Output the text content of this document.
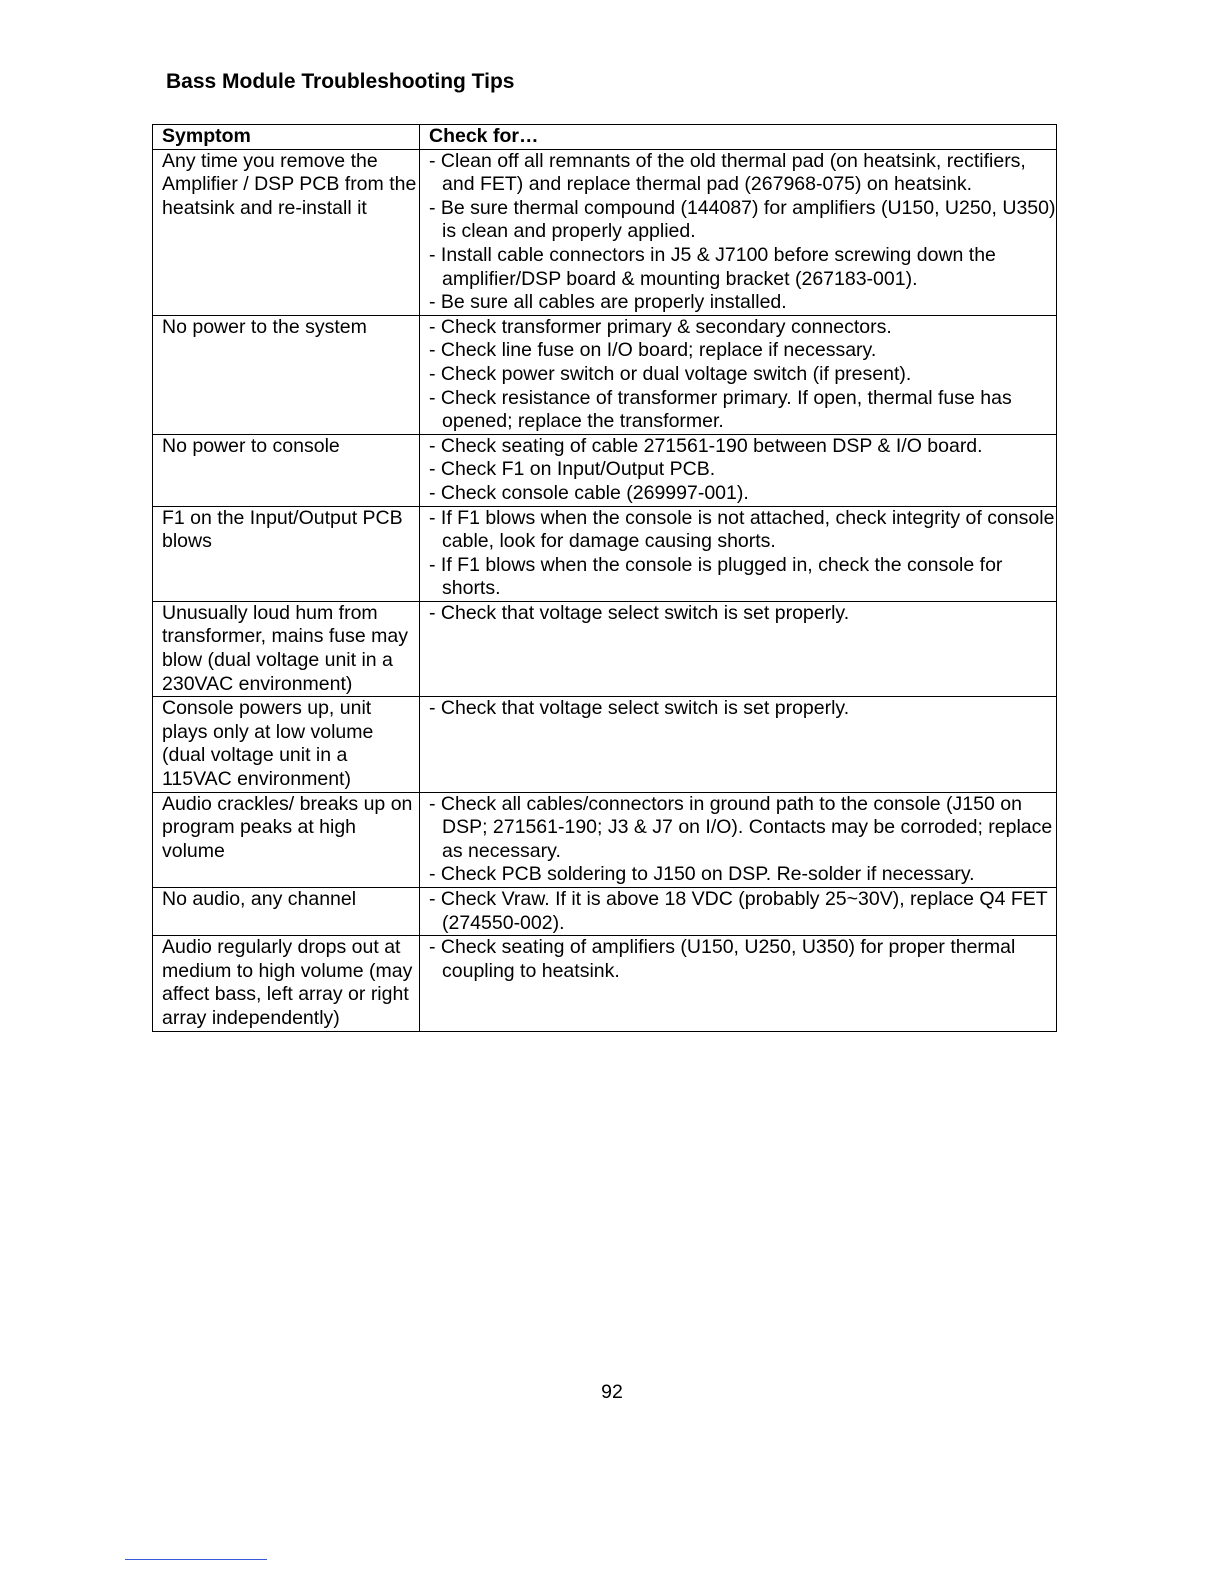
Bass Module Troubleshooting Tips
Symptom	Check for…
Any time you remove the Amplifier / DSP PCB from the heatsink and re-install it	- Clean off all remnants of the old thermal pad (on heatsink, rectifiers, and FET) and replace thermal pad (267968-075) on heatsink.
- Be sure thermal compound (144087) for amplifiers (U150, U250, U350) is clean and properly applied.
- Install cable connectors in J5 & J7100 before screwing down the amplifier/DSP board & mounting bracket (267183-001).
- Be sure all cables are properly installed.

No power to the system	- Check transformer primary & secondary connectors.
- Check line fuse on I/O board; replace if necessary.
- Check power switch or dual voltage switch (if present).
- Check resistance of transformer primary. If open, thermal fuse has opened; replace the transformer.

No power to console	- Check seating of cable 271561-190 between DSP & I/O board.
- Check F1 on Input/Output PCB.
- Check console cable (269997-001).

F1 on the Input/Output PCB blows	- If F1 blows when the console is not attached, check integrity of console cable, look for damage causing shorts.
- If F1 blows when the console is plugged in, check the console for shorts.

Unusually loud hum from transformer, mains fuse may blow (dual voltage unit in a 230VAC environment)	- Check that voltage select switch is set properly.

Console powers up, unit plays only at low volume (dual voltage unit in a 115VAC environment)	- Check that voltage select switch is set properly.

Audio crackles/ breaks up on program peaks at high volume	- Check all cables/connectors in ground path to the console (J150 on DSP; 271561-190; J3 & J7 on I/O). Contacts may be corroded; replace as necessary.
- Check PCB soldering to J150 on DSP. Re-solder if necessary.

No audio, any channel	- Check Vraw. If it is above 18 VDC (probably 25~30V), replace Q4 FET (274550-002).

Audio regularly drops out at medium to high volume (may affect bass, left array or right array independently)	- Check seating of amplifiers (U150, U250, U350) for proper thermal coupling to heatsink.
92
